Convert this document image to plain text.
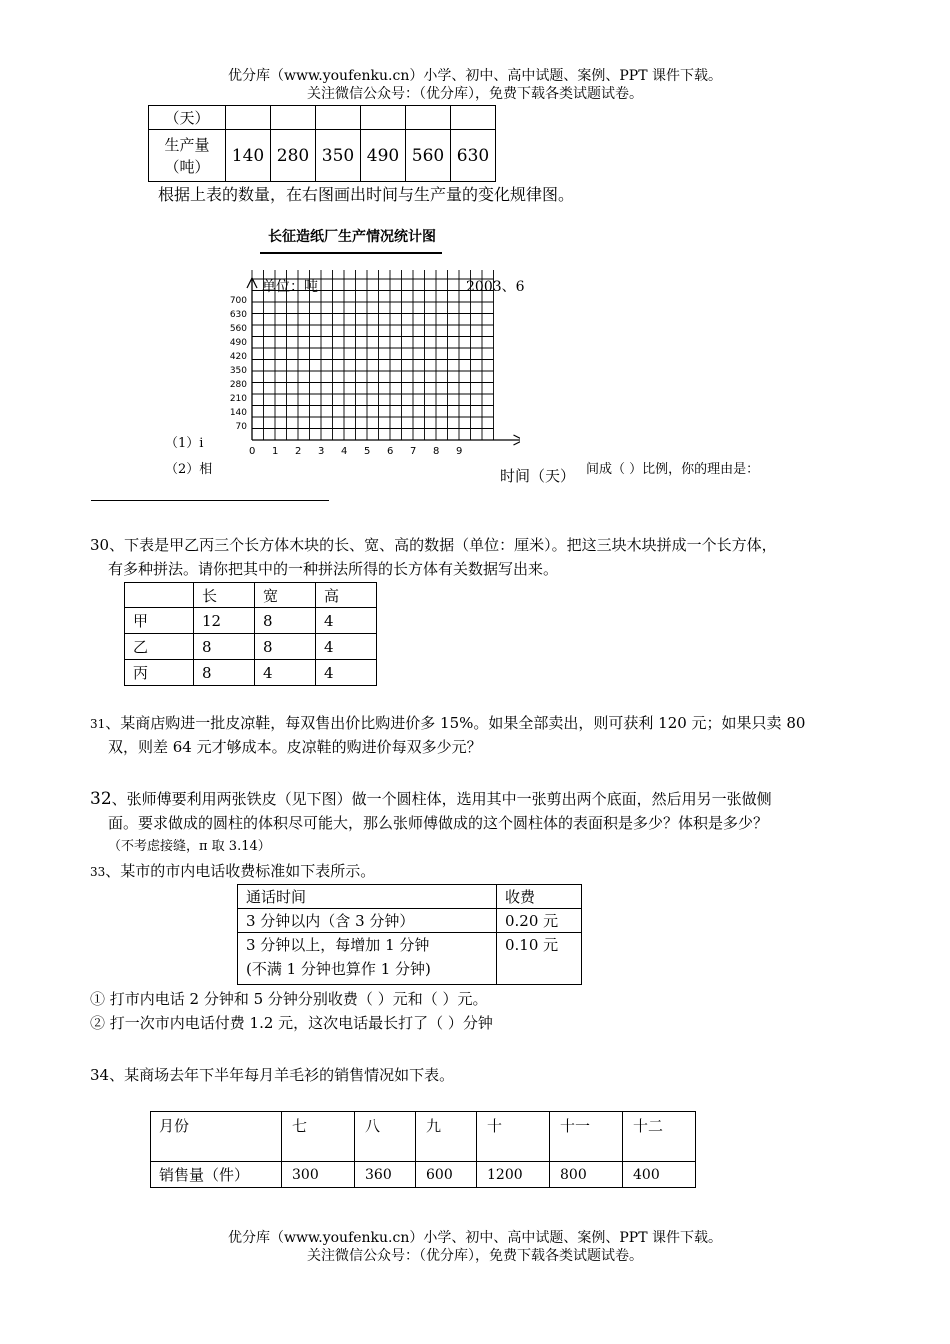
优分库（www.youfenku.cn）小学、初中、高中试题、案例、PPT 课件下载。
关注微信公众号：（优分库），免费下载各类试题试卷。
（天）						

生产量
（吨）	140	280	350	490	560	630
根据上表的数量，在右图画出时间与生产量的变化规律图。
长征造纸厂生产情况统计图
单位：吨	2003、6
70
140
210
280
350
420
490
560
630
700
0 1 2 3 4 5 6 7 8 9
时间（天）
（1）i
（2）相	间成（ ）比例，你的理由是：
30、下表是甲乙丙三个长方体木块的长、宽、高的数据（单位：厘米）。把这三块木块拼成一个长方体，
有多种拼法。请你把其中的一种拼法所得的长方体有关数据写出来。
	长	宽	高
甲	12	8	4
乙	8	8	4
丙	8	4	4
31、某商店购进一批皮凉鞋，每双售出价比购进价多 15%。如果全部卖出，则可获利 120 元；如果只卖 80
双，则差 64 元才够成本。皮凉鞋的购进价每双多少元？
32、张师傅要利用两张铁皮（见下图）做一个圆柱体，选用其中一张剪出两个底面，然后用另一张做侧
面。要求做成的圆柱的体积尽可能大，那么张师傅做成的这个圆柱体的表面积是多少？体积是多少？
（不考虑接缝，π 取 3.14）
33、某市的市内电话收费标准如下表所示。
通话时间	收费
3 分钟以内（含 3 分钟）	0.20 元

3 分钟以上，每增加 1 分钟
(不满 1 分钟也算作 1 分钟)	0.10 元
① 打市内电话 2 分钟和 5 分钟分别收费（ ）元和（ ）元。
② 打一次市内电话付费 1.2 元，这次电话最长打了（ ）分钟
34、某商场去年下半年每月羊毛衫的销售情况如下表。
月份	七	八	九	十	十一	十二
销售量（件）	300	360	600	1200	800	400
优分库（www.youfenku.cn）小学、初中、高中试题、案例、PPT 课件下载。
关注微信公众号：（优分库），免费下载各类试题试卷。
